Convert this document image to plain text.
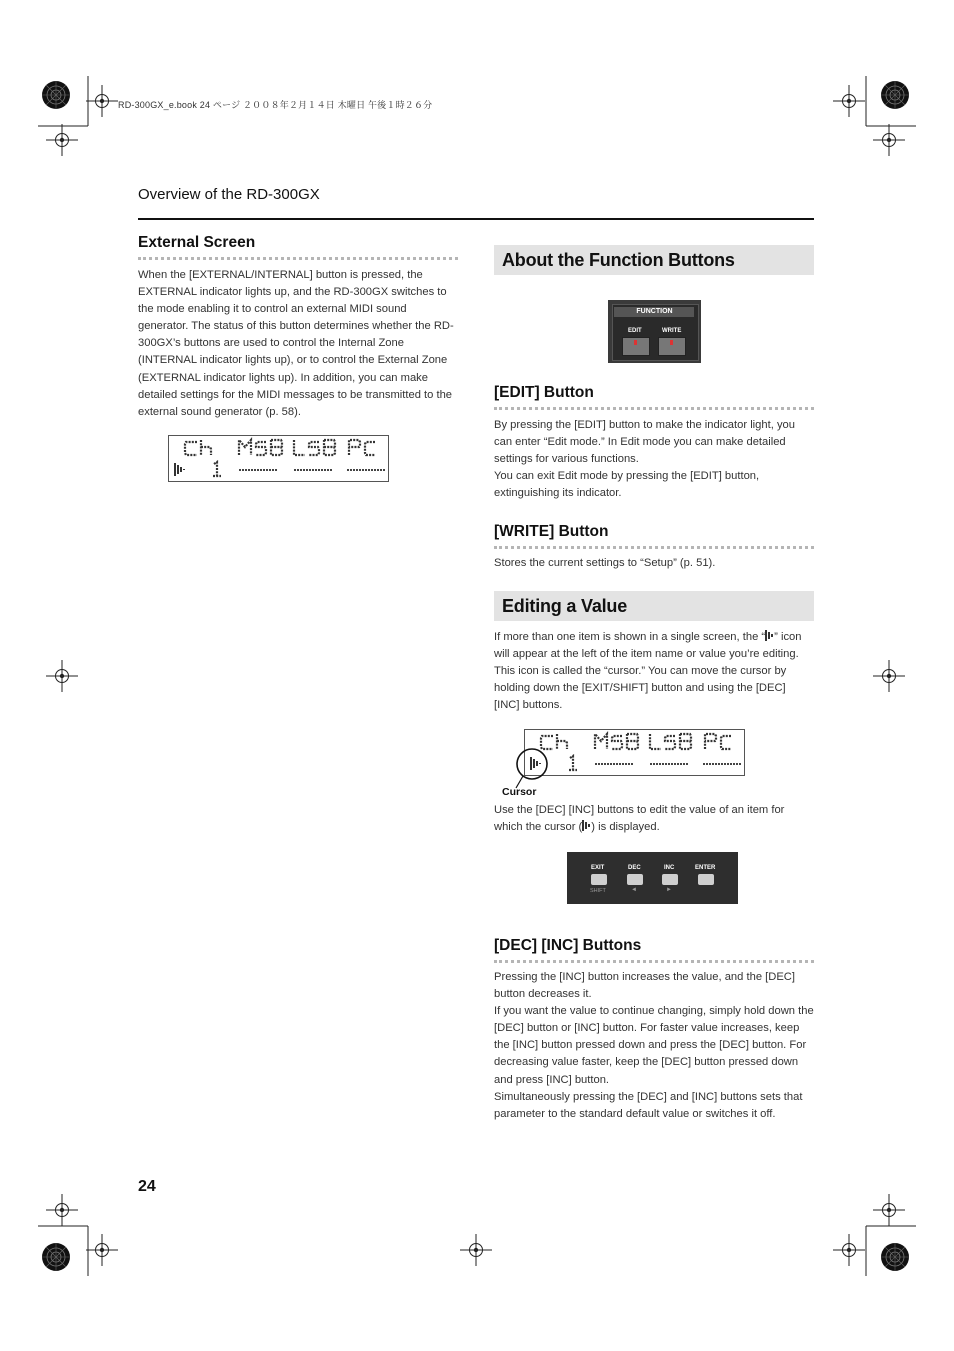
RD-300GX_e.book 24 ページ ２００８年２月１４日 木曜日 午後１時２６分
Overview of the RD-300GX
External Screen

When the [EXTERNAL/INTERNAL] button is pressed, the EXTERNAL indicator lights up, and the RD-300GX switches to the mode enabling it to control an external MIDI sound generator. The status of this button determines whether the RD-300GX’s buttons are used to control the Internal Zone (INTERNAL indicator lights up), or to control the External Zone (EXTERNAL indicator lights up). In addition, you can make detailed settings for the MIDI messages to be transmitted to the external sound generator (p. 58).

About the Function Buttons
FUNCTION
EDIT	WRITE
[EDIT] Button

By pressing the [EDIT] button to make the indicator light, you can enter “Edit mode.” In Edit mode you can make detailed settings for various functions.

You can exit Edit mode by pressing the [EDIT] button, extinguishing its indicator.

[WRITE] Button

Stores the current settings to “Setup” (p. 51).

Editing a Value

If more than one item is shown in a single screen, the “ ” icon will appear at the left of the item name or value you’re editing. This icon is called the “cursor.” You can move the cursor by holding down the [EXIT/SHIFT] button and using the [DEC] [INC] buttons.

Cursor

Use the [DEC] [INC] buttons to edit the value of an item for which the cursor ( ) is displayed.

EXIT	DEC	INC	ENTER
SHIFT	◄	►
[DEC] [INC] Buttons

Pressing the [INC] button increases the value, and the [DEC] button decreases it.

If you want the value to continue changing, simply hold down the [DEC] button or [INC] button. For faster value increases, keep the [INC] button pressed down and press the [DEC] button. For decreasing value faster, keep the [DEC] button pressed down and press [INC] button.

Simultaneously pressing the [DEC] and [INC] buttons sets that parameter to the standard default value or switches it off.

24
